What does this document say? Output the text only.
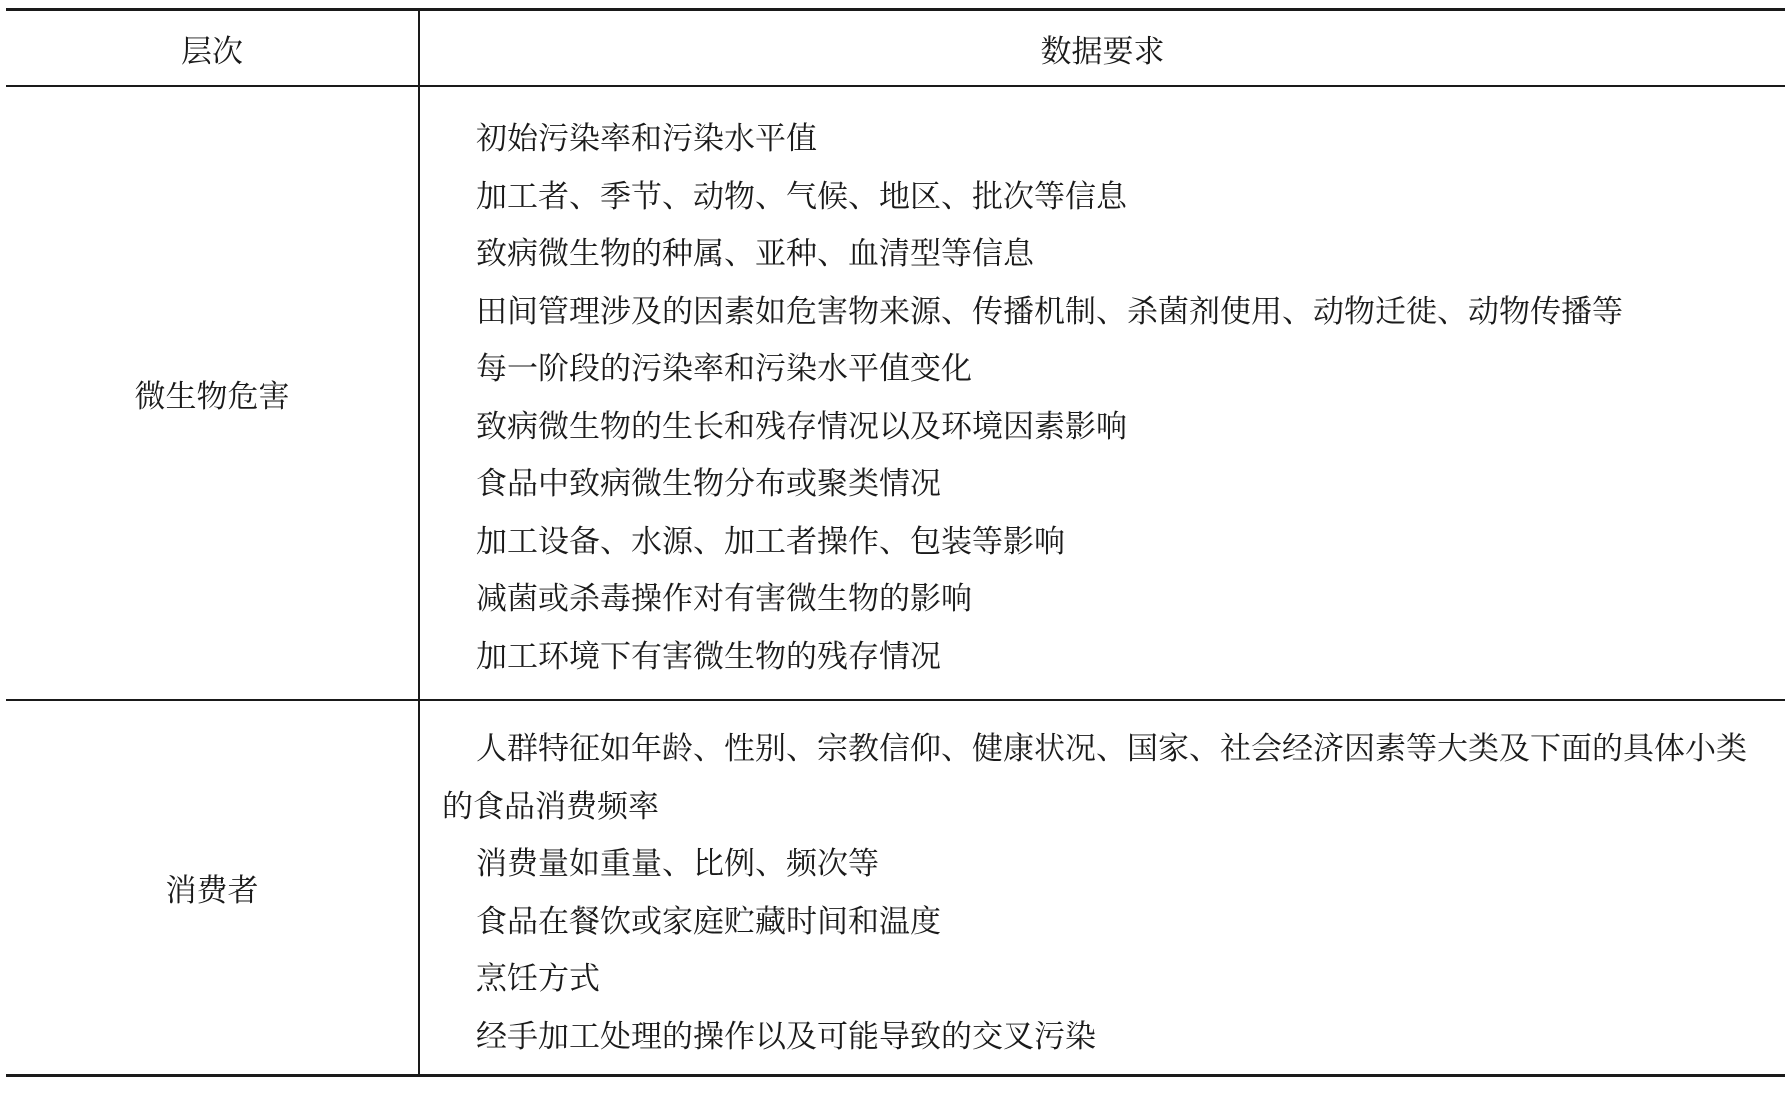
层次	数据要求
微生物危害
初始污染率和污染水平值
加工者、季节、动物、气候、地区、批次等信息
致病微生物的种属、亚种、血清型等信息
田间管理涉及的因素如危害物来源、传播机制、杀菌剂使用、动物迁徙、动物传播等
每一阶段的污染率和污染水平值变化
致病微生物的生长和残存情况以及环境因素影响
食品中致病微生物分布或聚类情况
加工设备、水源、加工者操作、包装等影响
减菌或杀毒操作对有害微生物的影响
加工环境下有害微生物的残存情况
消费者
人群特征如年龄、性别、宗教信仰、健康状况、国家、社会经济因素等大类及下面的具体小类的食品消费频率
消费量如重量、比例、频次等
食品在餐饮或家庭贮藏时间和温度
烹饪方式
经手加工处理的操作以及可能导致的交叉污染
